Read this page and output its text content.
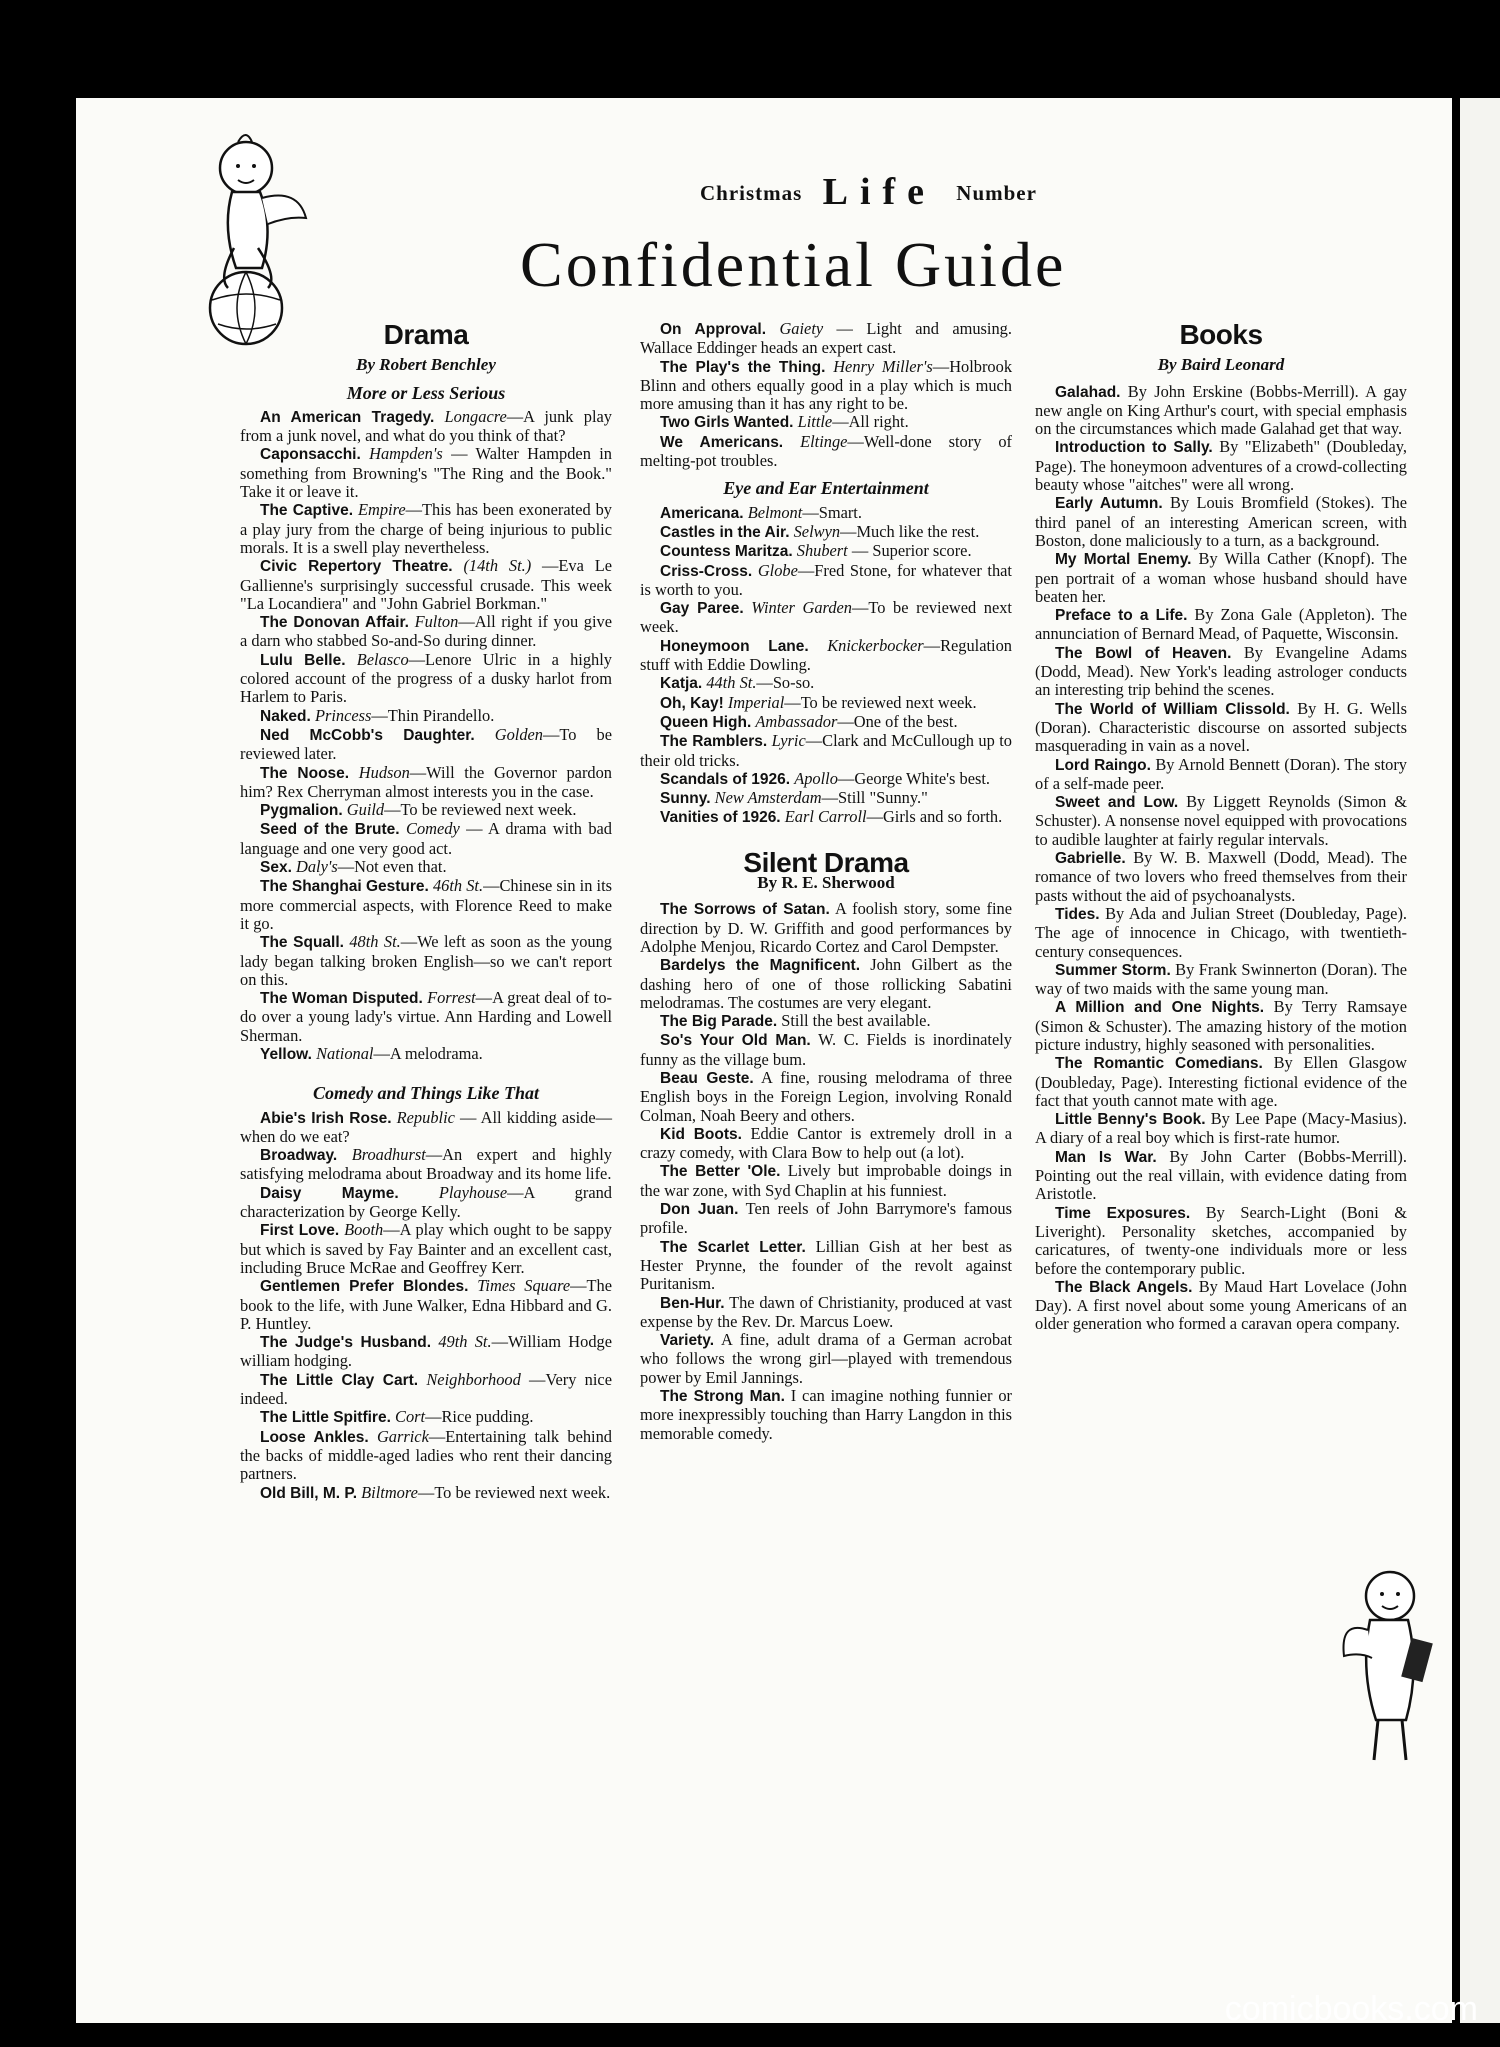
Christmas Life Number
Confidential Guide
Drama
By Robert Benchley
More or Less Serious

An American Tragedy. Longacre—A junk play from a junk novel, and what do you think of that?

Caponsacchi. Hampden's — Walter Hampden in something from Browning's "The Ring and the Book." Take it or leave it.

The Captive. Empire—This has been exonerated by a play jury from the charge of being injurious to public morals. It is a swell play nevertheless.

Civic Repertory Theatre. (14th St.) —Eva Le Gallienne's surprisingly successful crusade. This week "La Locandiera" and "John Gabriel Borkman."

The Donovan Affair. Fulton—All right if you give a darn who stabbed So-and-So during dinner.

Lulu Belle. Belasco—Lenore Ulric in a highly colored account of the progress of a dusky harlot from Harlem to Paris.

Naked. Princess—Thin Pirandello.

Ned McCobb's Daughter. Golden—To be reviewed later.

The Noose. Hudson—Will the Governor pardon him? Rex Cherryman almost interests you in the case.

Pygmalion. Guild—To be reviewed next week.

Seed of the Brute. Comedy — A drama with bad language and one very good act.

Sex. Daly's—Not even that.

The Shanghai Gesture. 46th St.—Chinese sin in its more commercial aspects, with Florence Reed to make it go.

The Squall. 48th St.—We left as soon as the young lady began talking broken English—so we can't report on this.

The Woman Disputed. Forrest—A great deal of to-do over a young lady's virtue. Ann Harding and Lowell Sherman.

Yellow. National—A melodrama.

Comedy and Things Like That

Abie's Irish Rose. Republic — All kidding aside—when do we eat?

Broadway. Broadhurst—An expert and highly satisfying melodrama about Broadway and its home life.

Daisy Mayme. Playhouse—A grand characterization by George Kelly.

First Love. Booth—A play which ought to be sappy but which is saved by Fay Bainter and an excellent cast, including Bruce McRae and Geoffrey Kerr.

Gentlemen Prefer Blondes. Times Square—The book to the life, with June Walker, Edna Hibbard and G. P. Huntley.

The Judge's Husband. 49th St.—William Hodge william hodging.

The Little Clay Cart. Neighborhood —Very nice indeed.

The Little Spitfire. Cort—Rice pudding.

Loose Ankles. Garrick—Entertaining talk behind the backs of middle-aged ladies who rent their dancing partners.

Old Bill, M. P. Biltmore—To be reviewed next week.

On Approval. Gaiety — Light and amusing. Wallace Eddinger heads an expert cast.

The Play's the Thing. Henry Miller's—Holbrook Blinn and others equally good in a play which is much more amusing than it has any right to be.

Two Girls Wanted. Little—All right.

We Americans. Eltinge—Well-done story of melting-pot troubles.

Eye and Ear Entertainment

Americana. Belmont—Smart.

Castles in the Air. Selwyn—Much like the rest.

Countess Maritza. Shubert — Superior score.

Criss-Cross. Globe—Fred Stone, for whatever that is worth to you.

Gay Paree. Winter Garden—To be reviewed next week.

Honeymoon Lane. Knickerbocker—Regulation stuff with Eddie Dowling.

Katja. 44th St.—So-so.

Oh, Kay! Imperial—To be reviewed next week.

Queen High. Ambassador—One of the best.

The Ramblers. Lyric—Clark and McCullough up to their old tricks.

Scandals of 1926. Apollo—George White's best.

Sunny. New Amsterdam—Still "Sunny."

Vanities of 1926. Earl Carroll—Girls and so forth.

Silent Drama
By R. E. Sherwood

The Sorrows of Satan. A foolish story, some fine direction by D. W. Griffith and good performances by Adolphe Menjou, Ricardo Cortez and Carol Dempster.

Bardelys the Magnificent. John Gilbert as the dashing hero of one of those rollicking Sabatini melodramas. The costumes are very elegant.

The Big Parade. Still the best available.

So's Your Old Man. W. C. Fields is inordinately funny as the village bum.

Beau Geste. A fine, rousing melodrama of three English boys in the Foreign Legion, involving Ronald Colman, Noah Beery and others.

Kid Boots. Eddie Cantor is extremely droll in a crazy comedy, with Clara Bow to help out (a lot).

The Better 'Ole. Lively but improbable doings in the war zone, with Syd Chaplin at his funniest.

Don Juan. Ten reels of John Barrymore's famous profile.

The Scarlet Letter. Lillian Gish at her best as Hester Prynne, the founder of the revolt against Puritanism.

Ben-Hur. The dawn of Christianity, produced at vast expense by the Rev. Dr. Marcus Loew.

Variety. A fine, adult drama of a German acrobat who follows the wrong girl—played with tremendous power by Emil Jannings.

The Strong Man. I can imagine nothing funnier or more inexpressibly touching than Harry Langdon in this memorable comedy.

Books
By Baird Leonard

Galahad. By John Erskine (Bobbs-Merrill). A gay new angle on King Arthur's court, with special emphasis on the circumstances which made Galahad get that way.

Introduction to Sally. By "Elizabeth" (Doubleday, Page). The honeymoon adventures of a crowd-collecting beauty whose "aitches" were all wrong.

Early Autumn. By Louis Bromfield (Stokes). The third panel of an interesting American screen, with Boston, done maliciously to a turn, as a background.

My Mortal Enemy. By Willa Cather (Knopf). The pen portrait of a woman whose husband should have beaten her.

Preface to a Life. By Zona Gale (Appleton). The annunciation of Bernard Mead, of Paquette, Wisconsin.

The Bowl of Heaven. By Evangeline Adams (Dodd, Mead). New York's leading astrologer conducts an interesting trip behind the scenes.

The World of William Clissold. By H. G. Wells (Doran). Characteristic discourse on assorted subjects masquerading in vain as a novel.

Lord Raingo. By Arnold Bennett (Doran). The story of a self-made peer.

Sweet and Low. By Liggett Reynolds (Simon & Schuster). A nonsense novel equipped with provocations to audible laughter at fairly regular intervals.

Gabrielle. By W. B. Maxwell (Dodd, Mead). The romance of two lovers who freed themselves from their pasts without the aid of psychoanalysts.

Tides. By Ada and Julian Street (Doubleday, Page). The age of innocence in Chicago, with twentieth-century consequences.

Summer Storm. By Frank Swinnerton (Doran). The way of two maids with the same young man.

A Million and One Nights. By Terry Ramsaye (Simon & Schuster). The amazing history of the motion picture industry, highly seasoned with personalities.

The Romantic Comedians. By Ellen Glasgow (Doubleday, Page). Interesting fictional evidence of the fact that youth cannot mate with age.

Little Benny's Book. By Lee Pape (Macy-Masius). A diary of a real boy which is first-rate humor.

Man Is War. By John Carter (Bobbs-Merrill). Pointing out the real villain, with evidence dating from Aristotle.

Time Exposures. By Search-Light (Boni & Liveright). Personality sketches, accompanied by caricatures, of twenty-one individuals more or less before the contemporary public.

The Black Angels. By Maud Hart Lovelace (John Day). A first novel about some young Americans of an older generation who formed a caravan opera company.

comicbooks.com
